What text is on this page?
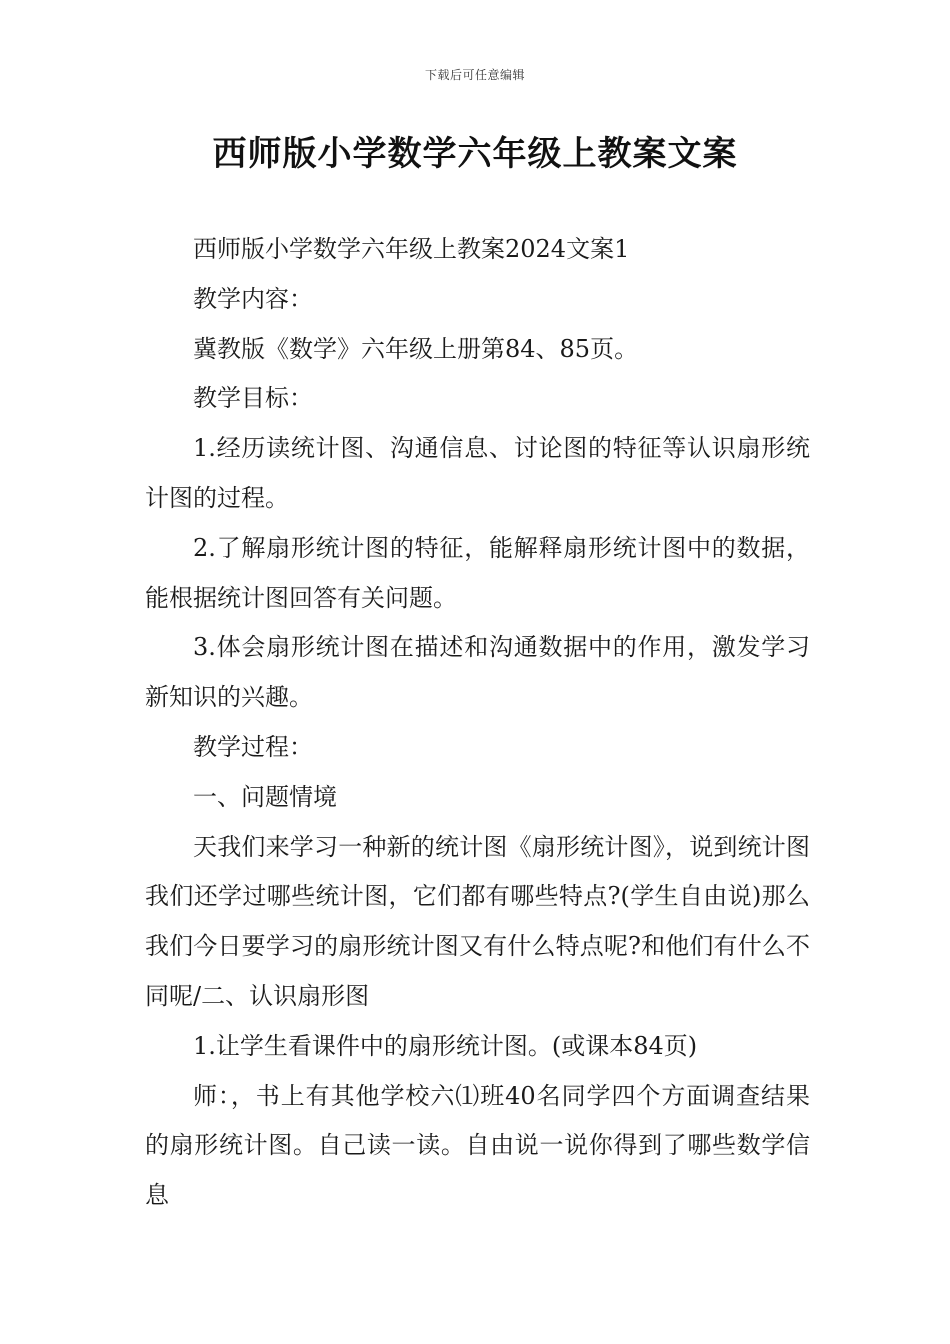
下载后可任意编辑
西师版小学数学六年级上教案文案

西师版小学数学六年级上教案2024文案1

教学内容：

冀教版《数学》六年级上册第84、85页。

教学目标：

1.经历读统计图、沟通信息、讨论图的特征等认识扇形统计图的过程。

2.了解扇形统计图的特征，能解释扇形统计图中的数据，能根据统计图回答有关问题。

3.体会扇形统计图在描述和沟通数据中的作用，激发学习新知识的兴趣。

教学过程：

一、问题情境

天我们来学习一种新的统计图《扇形统计图》，说到统计图我们还学过哪些统计图，它们都有哪些特点?(学生自由说)那么我们今日要学习的扇形统计图又有什么特点呢?和他们有什么不同呢/二、认识扇形图

1.让学生看课件中的扇形统计图。(或课本84页)

师：，书上有其他学校六⑴班40名同学四个方面调查结果的扇形统计图。自己读一读。自由说一说你得到了哪些数学信息
